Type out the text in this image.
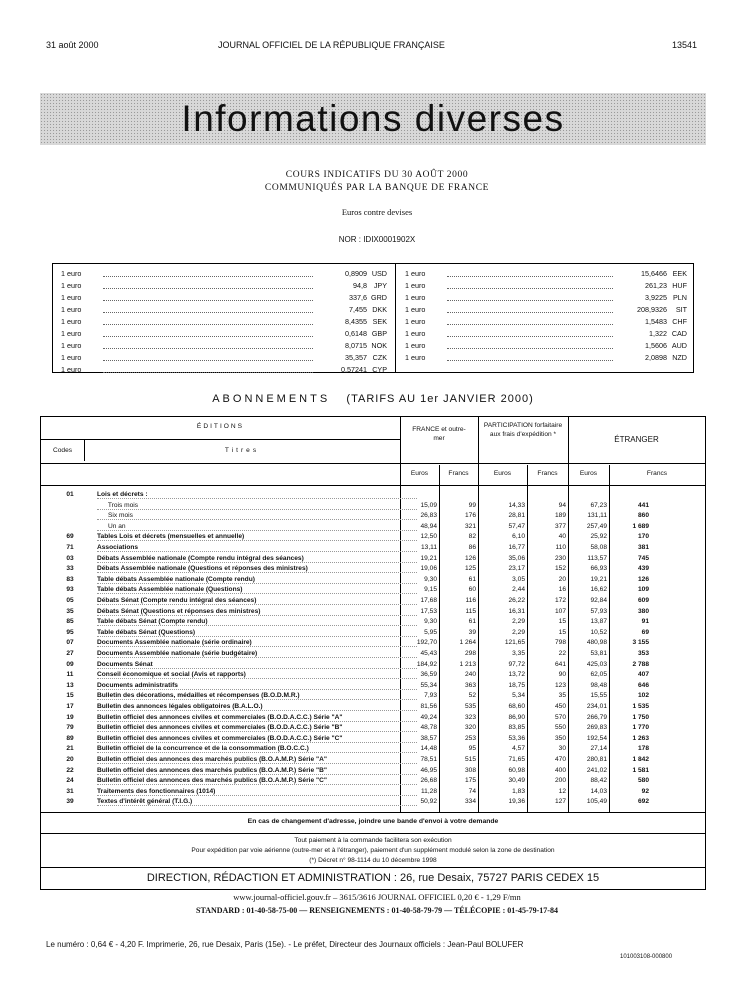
31 août 2000	JOURNAL OFFICIEL DE LA RÉPUBLIQUE FRANÇAISE	13541
Informations diverses
COURS INDICATIFS DU 30 AOÛT 2000
COMMUNIQUÉS PAR LA BANQUE DE FRANCE
Euros contre devises
NOR : IDIX0001902X
1 euro	0,8909 USD
1 euro	94,8 JPY
1 euro	337,6 GRD
1 euro	7,455 DKK
1 euro	8,4355 SEK
1 euro	0,6148 GBP
1 euro	8,0715 NOK
1 euro	35,357 CZK
1 euro	0,57241 CYP
1 euro	15,6466 EEK
1 euro	261,23 HUF
1 euro	3,9225 PLN
1 euro	208,9326	SIT
1 euro	1,5483 CHF
1 euro	1,322 CAD
1 euro	1,5606 AUD
1 euro	2,0898 NZD
ABONNEMENTS (TARIFS AU 1er JANVIER 2000)
ÉDITIONS
Codes	Titres
FRANCE et outre-mer
PARTICIPATION forfaitaire aux frais d'expédition *
ÉTRANGER
Euros	Francs	Euros	Francs	Euros	Francs
01	Lois et décrets :
Trois mois	15,09	99	14,33	94	67,23	441
Six mois	26,83	176	28,81	189	131,11	860
Un an	48,94	321	57,47	377	257,49	1 689
69	Tables Lois et décrets (mensuelles et annuelle)	12,50	82	6,10	40	25,92	170
71	Associations	13,11	86	16,77	110	58,08	381
03	Débats Assemblée nationale (Compte rendu intégral des séances)	19,21	126	35,06	230	113,57	745
33	Débats Assemblée nationale (Questions et réponses des ministres)	19,06	125	23,17	152	66,93	439
83	Table débats Assemblée nationale (Compte rendu)	9,30	61	3,05	20	19,21	126
93	Table débats Assemblée nationale (Questions)	9,15	60	2,44	16	16,62	109
05	Débats Sénat (Compte rendu intégral des séances)	17,68	116	26,22	172	92,84	609
35	Débats Sénat (Questions et réponses des ministres)	17,53	115	16,31	107	57,93	380
85	Table débats Sénat (Compte rendu)	9,30	61	2,29	15	13,87	91
95	Table débats Sénat (Questions)	5,95	39	2,29	15	10,52	69
07	Documents Assemblée nationale (série ordinaire)	192,70	1 264	121,65	798	480,98	3 155
27	Documents Assemblée nationale (série budgétaire)	45,43	298	3,35	22	53,81	353
09	Documents Sénat	184,92	1 213	97,72	641	425,03	2 788
11	Conseil économique et social (Avis et rapports)	36,59	240	13,72	90	62,05	407
13	Documents administratifs	55,34	363	18,75	123	98,48	646
15	Bulletin des décorations, médailles et récompenses (B.O.D.M.R.)	7,93	52	5,34	35	15,55	102
17	Bulletin des annonces légales obligatoires (B.A.L.O.)	81,56	535	68,60	450	234,01	1 535
19	Bulletin officiel des annonces civiles et commerciales (B.O.D.A.C.C.) Série "A"	49,24	323	86,90	570	266,79	1 750
79	Bulletin officiel des annonces civiles et commerciales (B.O.D.A.C.C.) Série "B"	48,78	320	83,85	550	269,83	1 770
89	Bulletin officiel des annonces civiles et commerciales (B.O.D.A.C.C.) Série "C"	38,57	253	53,36	350	192,54	1 263
21	Bulletin officiel de la concurrence et de la consommation (B.O.C.C.)	14,48	95	4,57	30	27,14	178
20	Bulletin officiel des annonces des marchés publics (B.O.A.M.P.) Série "A"	78,51	515	71,65	470	280,81	1 842
22	Bulletin officiel des annonces des marchés publics (B.O.A.M.P.) Série "B"	46,95	308	60,98	400	241,02	1 581
24	Bulletin officiel des annonces des marchés publics (B.O.A.M.P.) Série "C"	26,68	175	30,49	200	88,42	580
31	Traitements des fonctionnaires (1014)	11,28	74	1,83	12	14,03	92
39	Textes d'intérêt général (T.I.G.)	50,92	334	19,36	127	105,49	692
En cas de changement d'adresse, joindre une bande d'envoi à votre demande
Tout paiement à la commande facilitera son exécution
Pour expédition par voie aérienne (outre-mer et à l'étranger), paiement d'un supplément modulé selon la zone de destination
(*) Décret n° 98-1114 du 10 décembre 1998
DIRECTION, RÉDACTION ET ADMINISTRATION : 26, rue Desaix, 75727 PARIS CEDEX 15
www.journal-officiel.gouv.fr – 3615/3616 JOURNAL OFFICIEL 0,20 € - 1,29 F/mn
STANDARD : 01-40-58-75-00 — RENSEIGNEMENTS : 01-40-58-79-79 — TÉLÉCOPIE : 01-45-79-17-84
Le numéro : 0,64 € - 4,20 F. Imprimerie, 26, rue Desaix, Paris (15e). - Le préfet, Directeur des Journaux officiels : Jean-Paul BOLUFER
101003108-000800
